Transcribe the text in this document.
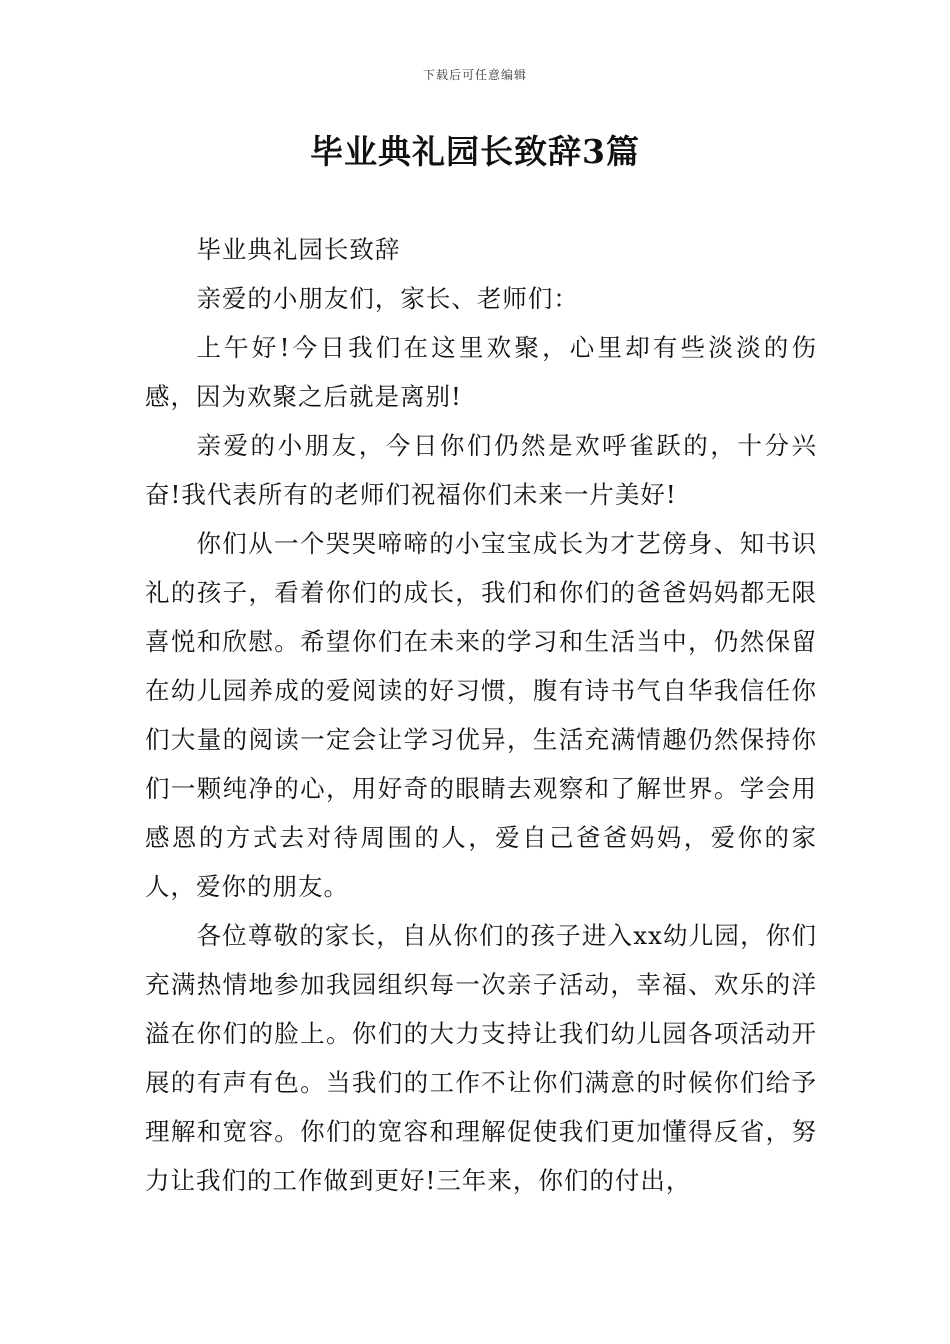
下载后可任意编辑
毕业典礼园长致辞3篇

毕业典礼园长致辞

亲爱的小朋友们，家长、老师们：

上午好!今日我们在这里欢聚，心里却有些淡淡的伤感，因为欢聚之后就是离别!

亲爱的小朋友，今日你们仍然是欢呼雀跃的，十分兴奋!我代表所有的老师们祝福你们未来一片美好!

你们从一个哭哭啼啼的小宝宝成长为才艺傍身、知书识礼的孩子，看着你们的成长，我们和你们的爸爸妈妈都无限喜悦和欣慰。希望你们在未来的学习和生活当中，仍然保留在幼儿园养成的爱阅读的好习惯，腹有诗书气自华我信任你们大量的阅读一定会让学习优异，生活充满情趣仍然保持你们一颗纯净的心，用好奇的眼睛去观察和了解世界。学会用感恩的方式去对待周围的人，爱自己爸爸妈妈，爱你的家人，爱你的朋友。

各位尊敬的家长，自从你们的孩子进入xx幼儿园，你们充满热情地参加我园组织每一次亲子活动，幸福、欢乐的洋溢在你们的脸上。你们的大力支持让我们幼儿园各项活动开展的有声有色。当我们的工作不让你们满意的时候你们给予理解和宽容。你们的宽容和理解促使我们更加懂得反省，努力让我们的工作做到更好!三年来，你们的付出，
